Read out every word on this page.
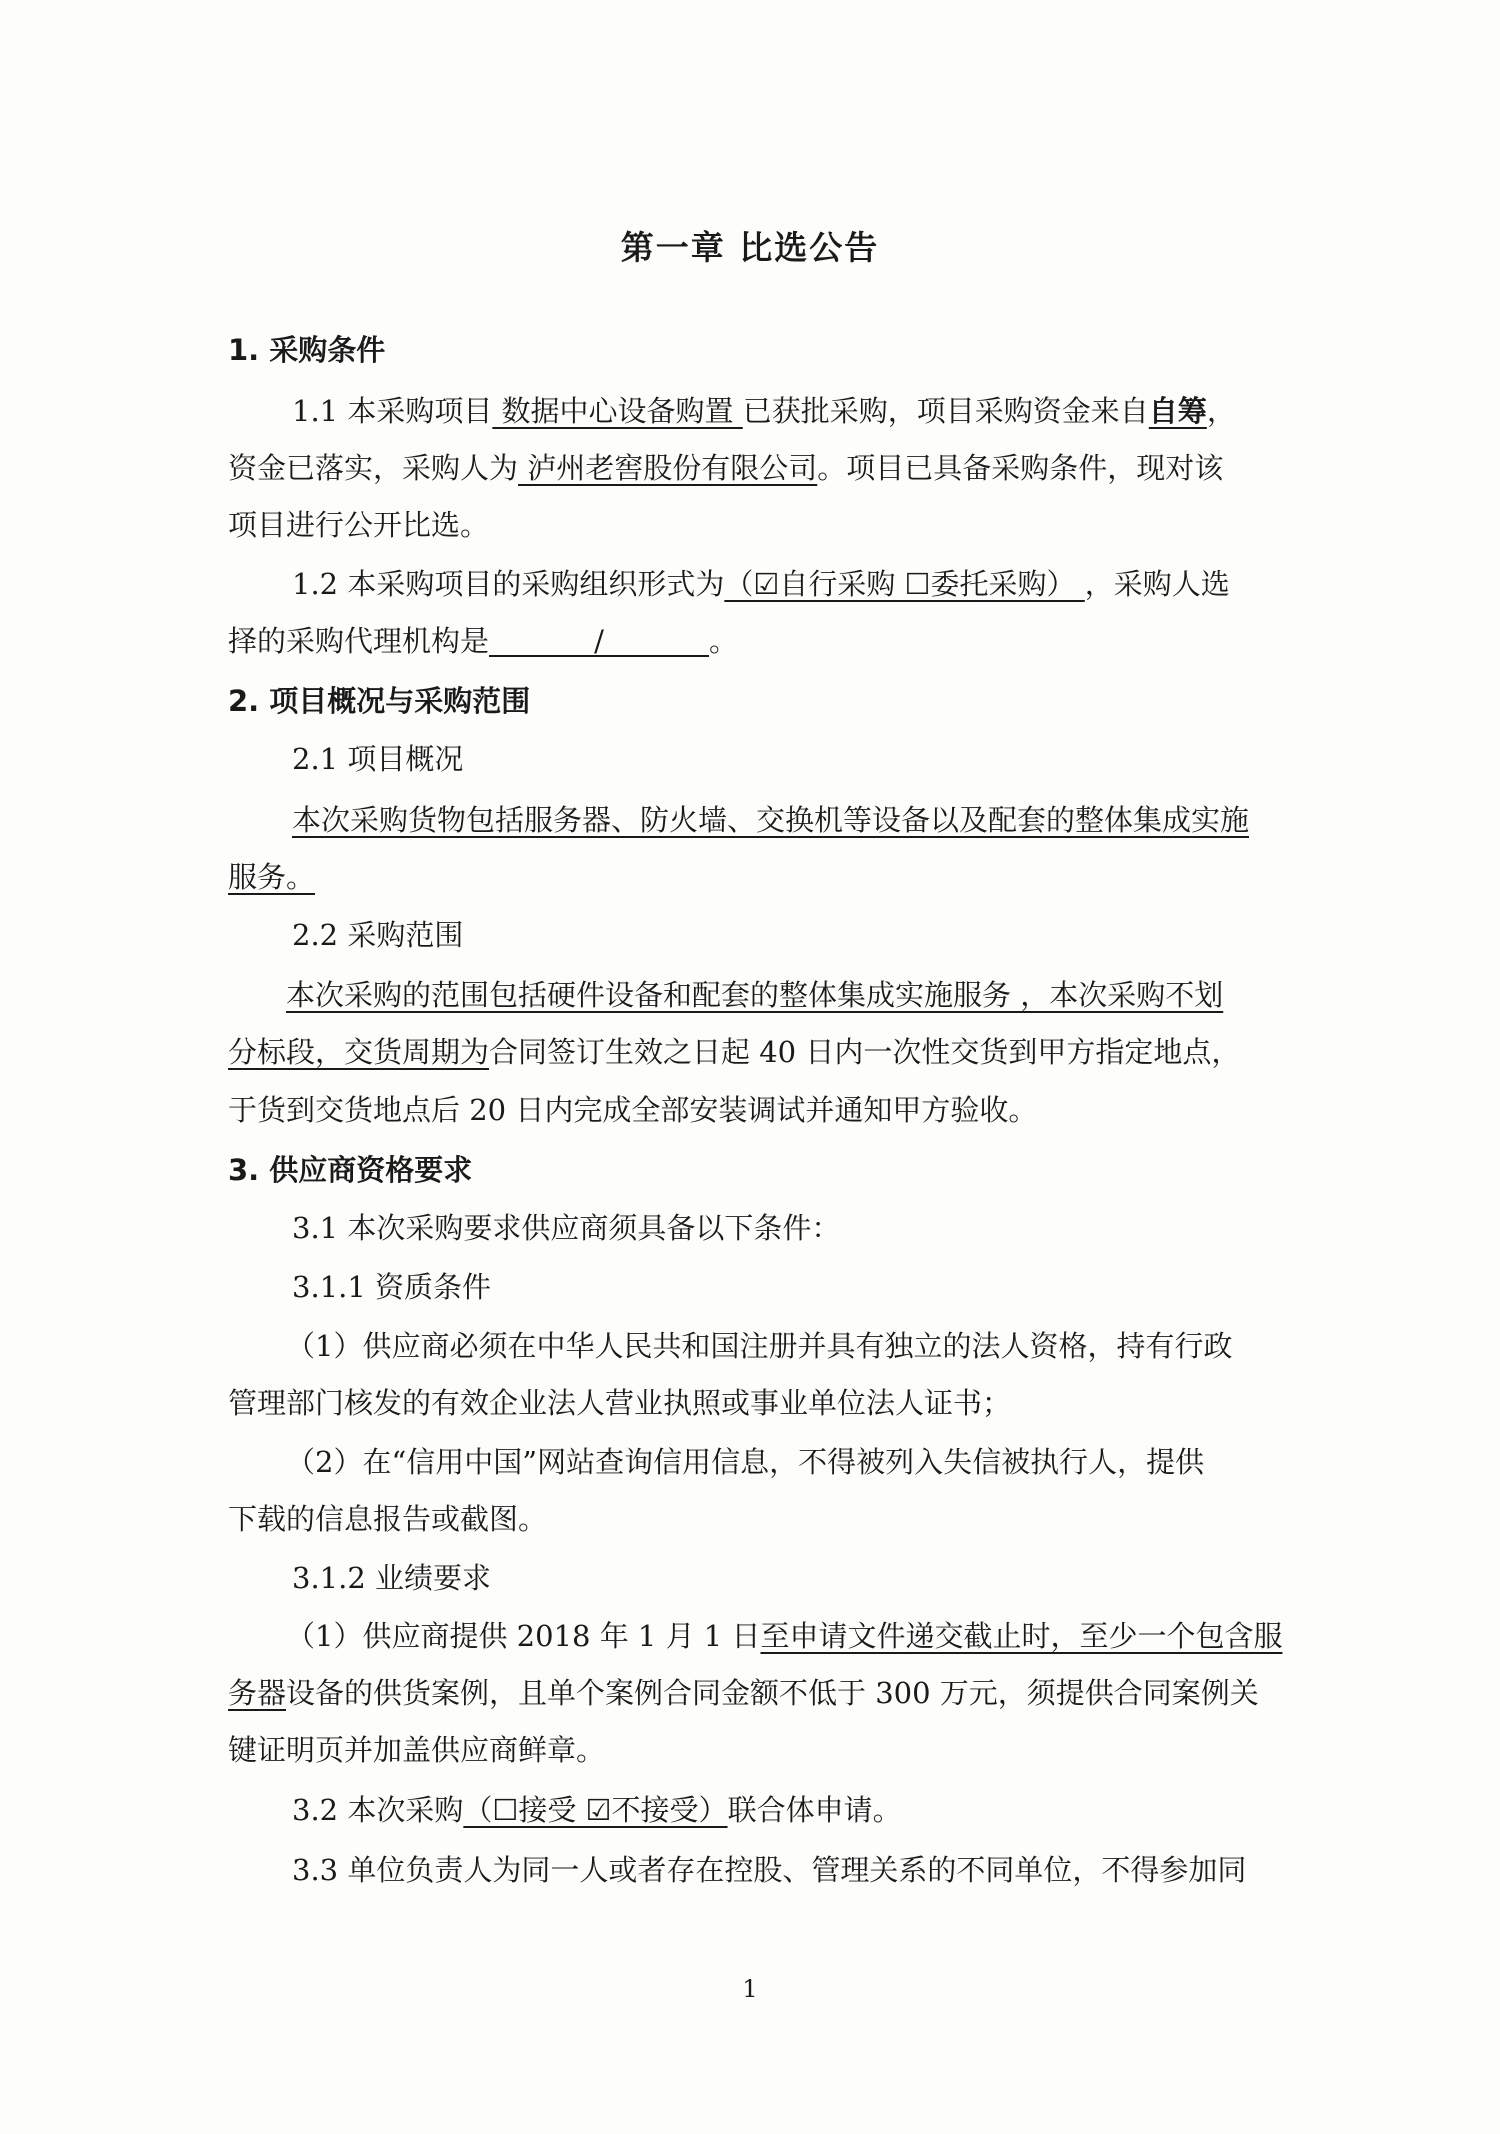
第一章 比选公告
1. 采购条件
1.1 本采购项目 数据中心设备购置 已获批采购，项目采购资金来自自筹，
资金已落实，采购人为 泸州老窖股份有限公司。项目已具备采购条件，现对该
项目进行公开比选。
1.2 本采购项目的采购组织形式为（☑自行采购 ☐委托采购） ，采购人选
择的采购代理机构是	/	。
2. 项目概况与采购范围
2.1 项目概况
本次采购货物包括服务器、防火墙、交换机等设备以及配套的整体集成实施
服务。
2.2 采购范围
本次采购的范围包括硬件设备和配套的整体集成实施服务 ，本次采购不划
分标段，交货周期为合同签订生效之日起 40 日内一次性交货到甲方指定地点，
于货到交货地点后 20 日内完成全部安装调试并通知甲方验收。
3. 供应商资格要求
3.1 本次采购要求供应商须具备以下条件：
3.1.1 资质条件
（1）供应商必须在中华人民共和国注册并具有独立的法人资格，持有行政
管理部门核发的有效企业法人营业执照或事业单位法人证书；
（2）在“信用中国”网站查询信用信息，不得被列入失信被执行人，提供
下载的信息报告或截图。
3.1.2 业绩要求
（1）供应商提供 2018 年 1 月 1 日至申请文件递交截止时，至少一个包含服
务器设备的供货案例，且单个案例合同金额不低于 300 万元，须提供合同案例关
键证明页并加盖供应商鲜章。
3.2 本次采购（☐接受 ☑不接受）联合体申请。
3.3 单位负责人为同一人或者存在控股、管理关系的不同单位，不得参加同
1
